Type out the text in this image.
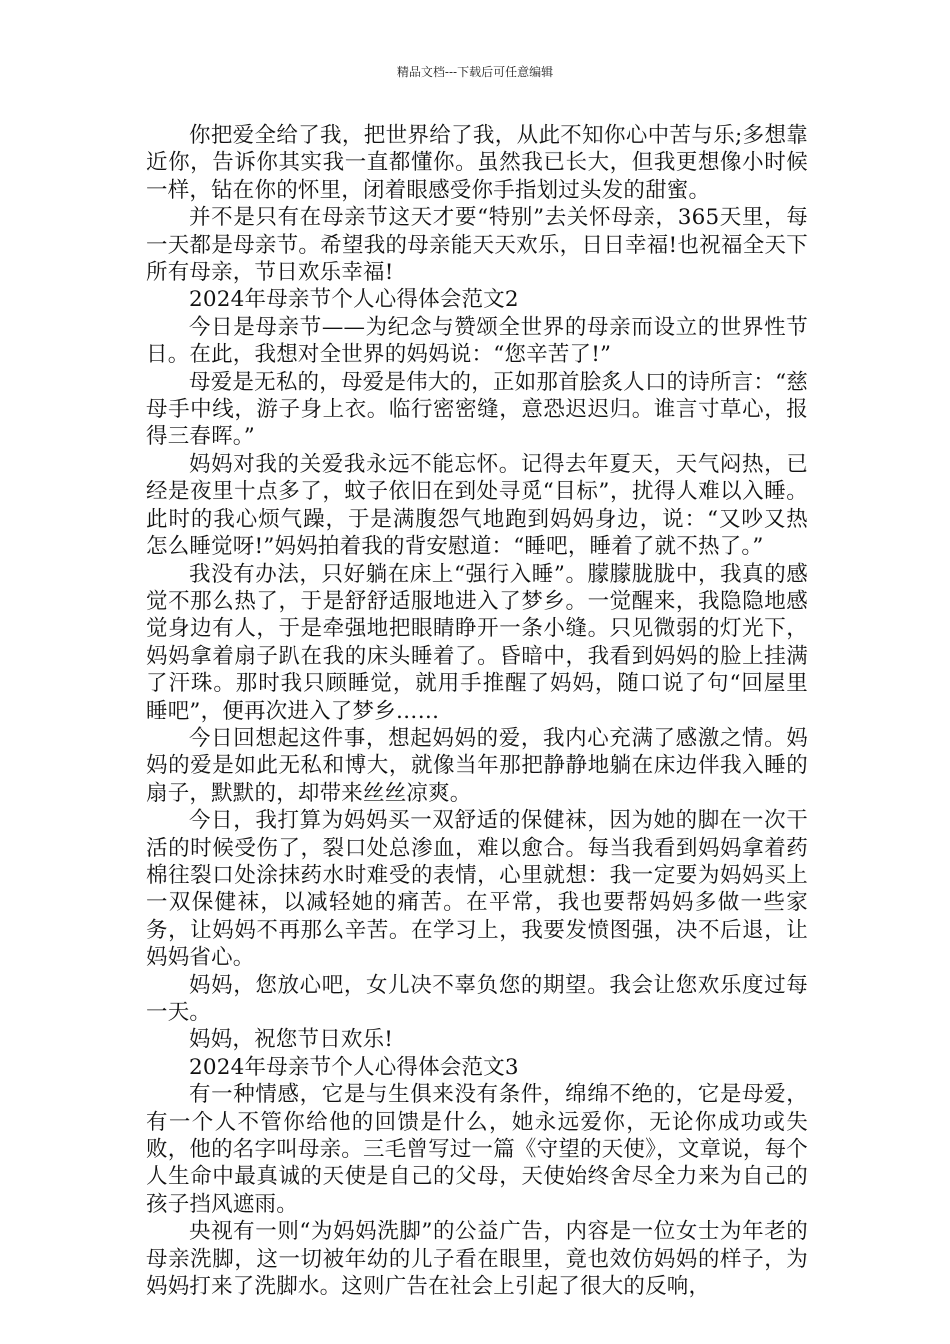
精品文档---下载后可任意编辑

你把爱全给了我，把世界给了我，从此不知你心中苦与乐;多想靠近你，告诉你其实我一直都懂你。虽然我已长大，但我更想像小时候一样，钻在你的怀里，闭着眼感受你手指划过头发的甜蜜。

并不是只有在母亲节这天才要“特别”去关怀母亲，365天里，每一天都是母亲节。希望我的母亲能天天欢乐，日日幸福!也祝福全天下所有母亲，节日欢乐幸福!

2024年母亲节个人心得体会范文2

今日是母亲节——为纪念与赞颂全世界的母亲而设立的世界性节日。在此，我想对全世界的妈妈说：“您辛苦了!”

母爱是无私的，母爱是伟大的，正如那首脍炙人口的诗所言：“慈母手中线，游子身上衣。临行密密缝，意恐迟迟归。谁言寸草心，报得三春晖。”

妈妈对我的关爱我永远不能忘怀。记得去年夏天，天气闷热，已经是夜里十点多了，蚊子依旧在到处寻觅“目标”，扰得人难以入睡。此时的我心烦气躁，于是满腹怨气地跑到妈妈身边，说：“又吵又热怎么睡觉呀!”妈妈拍着我的背安慰道：“睡吧，睡着了就不热了。”

我没有办法，只好躺在床上“强行入睡”。朦朦胧胧中，我真的感觉不那么热了，于是舒舒适服地进入了梦乡。一觉醒来，我隐隐地感觉身边有人，于是牵强地把眼睛睁开一条小缝。只见微弱的灯光下，妈妈拿着扇子趴在我的床头睡着了。昏暗中，我看到妈妈的脸上挂满了汗珠。那时我只顾睡觉，就用手推醒了妈妈，随口说了句“回屋里睡吧”，便再次进入了梦乡……

今日回想起这件事，想起妈妈的爱，我内心充满了感激之情。妈妈的爱是如此无私和博大，就像当年那把静静地躺在床边伴我入睡的扇子，默默的，却带来丝丝凉爽。

今日，我打算为妈妈买一双舒适的保健袜，因为她的脚在一次干活的时候受伤了，裂口处总渗血，难以愈合。每当我看到妈妈拿着药棉往裂口处涂抹药水时难受的表情，心里就想：我一定要为妈妈买上一双保健袜，以减轻她的痛苦。在平常，我也要帮妈妈多做一些家务，让妈妈不再那么辛苦。在学习上，我要发愤图强，决不后退，让妈妈省心。

妈妈，您放心吧，女儿决不辜负您的期望。我会让您欢乐度过每一天。

妈妈，祝您节日欢乐!

2024年母亲节个人心得体会范文3

有一种情感，它是与生俱来没有条件，绵绵不绝的，它是母爱，有一个人不管你给他的回馈是什么，她永远爱你，无论你成功或失败，他的名字叫母亲。三毛曾写过一篇《守望的天使》，文章说，每个人生命中最真诚的天使是自己的父母，天使始终舍尽全力来为自己的孩子挡风遮雨。

央视有一则“为妈妈洗脚”的公益广告，内容是一位女士为年老的母亲洗脚，这一切被年幼的儿子看在眼里，竟也效仿妈妈的样子，为妈妈打来了洗脚水。这则广告在社会上引起了很大的反响，
